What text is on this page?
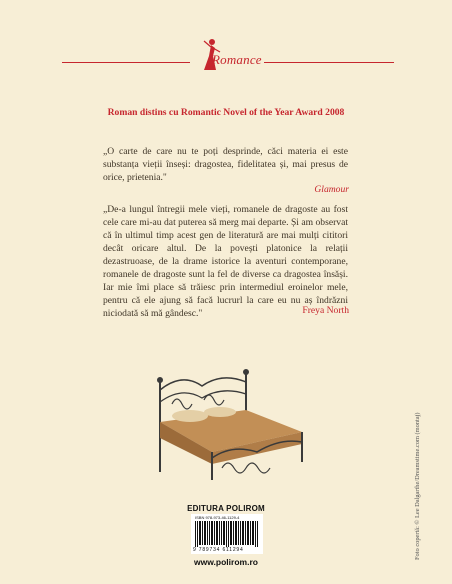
Romance
Roman distins cu Romantic Novel of the Year Award 2008

„O carte de care nu te poți desprinde, căci materia ei este substanța vieții înseși: dragostea, fidelitatea și, mai presus de orice, prietenia."

Glamour

„De-a lungul întregii mele vieți, romanele de dragoste au fost cele care mi-au dat puterea să merg mai departe. Și am observat că în ultimul timp acest gen de literatură are mai mulți cititori decât oricare altul. De la povești platonice la relații dezastruoase, de la drame istorice la aventuri contemporane, romanele de dragoste sunt la fel de diverse ca dragostea însăși. Iar mie îmi place să trăiesc prin intermediul eroinelor mele, pentru că ele ajung să facă lucrurl la care eu nu aș îndrăzni niciodată să mă gândesc."	Freya North
EDITURA POLIROM
ISBN 978-973-46-1129-4
9 789734 611294
www.polirom.ro
Foto copertă: © Lee Dalgarthe/Dreamstime.com (montaj)
